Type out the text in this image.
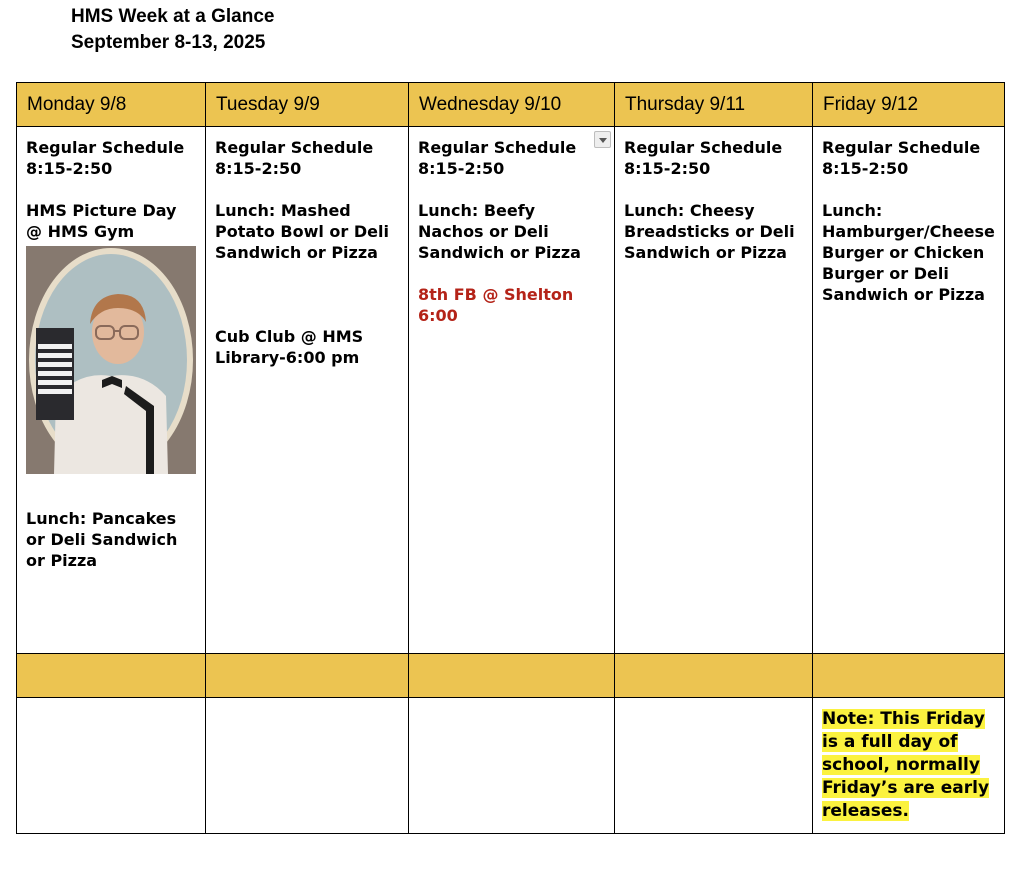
HMS Week at a Glance
September 8-13, 2025
Monday 9/8	Tuesday 9/9	Wednesday 9/10	Thursday 9/11	Friday 9/12

Regular Schedule
8:15-2:50
HMS Picture Day @ HMS Gym
Lunch: Pancakes or Deli Sandwich or Pizza	Regular Schedule
8:15-2:50
Lunch: Mashed Potato Bowl or Deli Sandwich or Pizza
Cub Club @ HMS Library-6:00 pm	Regular Schedule
8:15-2:50
Lunch: Beefy Nachos or Deli Sandwich or Pizza
8th FB @ Shelton 6:00	Regular Schedule
8:15-2:50
Lunch: Cheesy Breadsticks or Deli Sandwich or Pizza	Regular Schedule
8:15-2:50
Lunch: Hamburger/Cheese Burger or Chicken Burger or Deli Sandwich or Pizza

				Note: This Friday is a full day of school, normally Friday’s are early releases.
